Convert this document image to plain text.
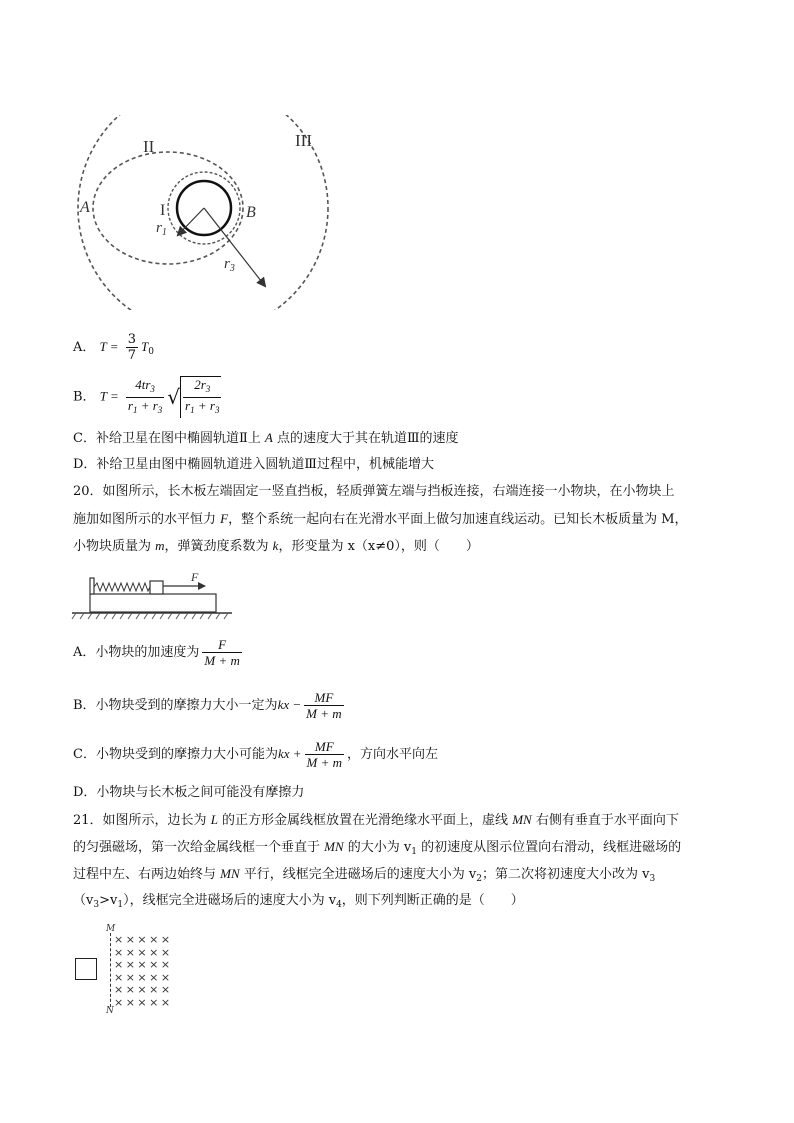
II	III
A	I	B
$r_1$
$r_3$
A． $T = \frac{3}{7} T_0$
B． $T = \frac{4tr_3}{r_1 + r_3}$ √ $\frac{2r_3}{r_1 + r_3}$
C．补给卫星在图中椭圆轨道Ⅱ上 A 点的速度大于其在轨道Ⅲ的速度
D．补给卫星由图中椭圆轨道进入圆轨道Ⅲ过程中，机械能增大
20．如图所示，长木板左端固定一竖直挡板，轻质弹簧左端与挡板连接，右端连接一小物块，在小物块上
施加如图所示的水平恒力 F，整个系统一起向右在光滑水平面上做匀加速直线运动。已知长木板质量为 M，
小物块质量为 m，弹簧劲度系数为 k，形变量为 x（x≠0），则（　　）
F
A．小物块的加速度为 $\frac{F}{M + m}$
B．小物块受到的摩擦力大小一定为kx − $\frac{MF}{M + m}$
C．小物块受到的摩擦力大小可能为kx + $\frac{MF}{M + m}$ ，方向水平向左
D．小物块与长木板之间可能没有摩擦力
21．如图所示，边长为 L 的正方形金属线框放置在光滑绝缘水平面上，虚线 MN 右侧有垂直于水平面向下
的匀强磁场，第一次给金属线框一个垂直于 MN 的大小为 $v_1$ 的初速度从图示位置向右滑动，线框进磁场的
过程中左、右两边始终与 MN 平行，线框完全进磁场后的速度大小为 $v_2$；第二次将初速度大小改为 $v_3$
$(v_3>v_1)$，线框完全进磁场后的速度大小为 $v_4$，则下列判断正确的是（　　）
M
N
× × × × ×
× × × × ×
× × × × ×
× × × × ×
× × × × ×
× × × × ×
